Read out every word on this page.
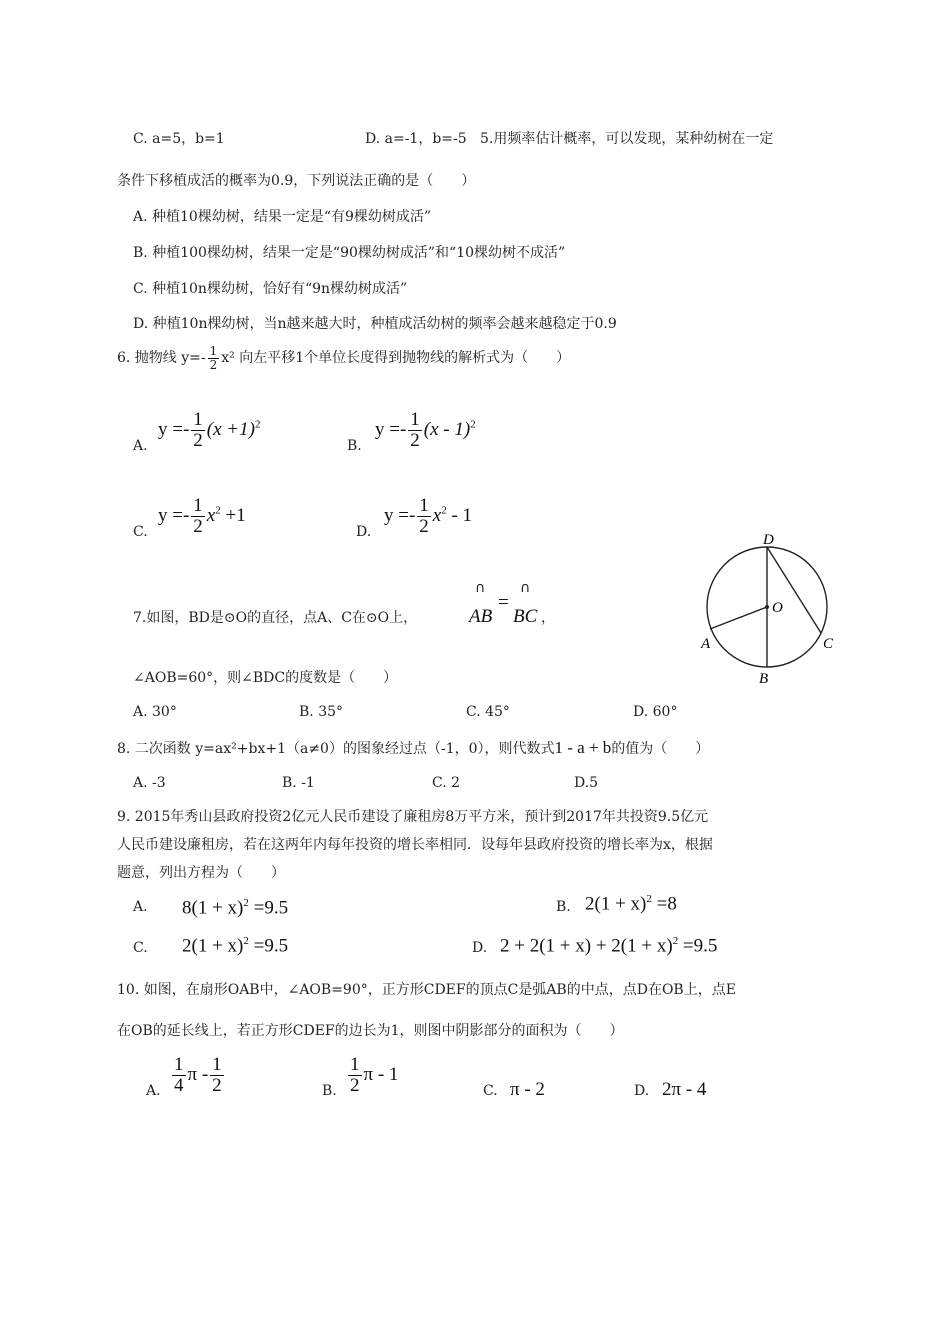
C. a=5，b=1	D. a=-1，b=-5 5.用频率估计概率，可以发现，某种幼树在一定
条件下移植成活的概率为0.9，下列说法正确的是（　　）
A. 种植10棵幼树，结果一定是“有9棵幼树成活”
B. 种植100棵幼树，结果一定是“90棵幼树成活”和“10棵幼树不成活”
C. 种植10n棵幼树，恰好有“9n棵幼树成活”
D. 种植10n棵幼树，当n越来越大时，种植成活幼树的频率会越来越稳定于0.9
6. 抛物线 $y=- \frac{1}{2} x^2$ 向左平移1个单位长度得到抛物线的解析式为（　　）
A.
$y =- \frac{1}{2} (x +1)^2$
B.
$y =- \frac{1}{2} (x - 1)^2$
C.
$y =- \frac{1}{2} x^2 +1$
D.
$y =- \frac{1}{2} x^2 - 1$
7.如图，BD是⊙O的直径，点A、C在⊙O上，
∩
AB
=
∩
BC ，
D
O
A
B
C
∠AOB=60°，则∠BDC的度数是（　　）
A. 30°	B. 35°	C. 45°	D. 60°
8. 二次函数 y=ax²+bx+1（a≠0）的图象经过点（-1，0），则代数式1 - a + b的值为（　　）
A. -3	B. -1	C. 2	D.5
9. 2015年秀山县政府投资2亿元人民币建设了廉租房8万平方米，预计到2017年共投资9.5亿元
人民币建设廉租房，若在这两年内每年投资的增长率相同．设每年县政府投资的增长率为x，根据
题意，列出方程为（　　）
A. $8(1 + x)^2 =9.5$	B. $2(1 + x)^2 =8$
C. $2(1 + x)^2 =9.5$	D. $2 + 2(1 + x) + 2(1 + x)^2 =9.5$
10. 如图，在扇形OAB中，∠AOB=90°，正方形CDEF的顶点C是弧AB的中点，点D在OB上，点E
在OB的延长线上，若正方形CDEF的边长为1，则图中阴影部分的面积为（　　）
A. $\frac{1}{4}$ π - $\frac{1}{2}$	B. $\frac{1}{2}$ π - 1
C. π - 2	D. 2π - 4
